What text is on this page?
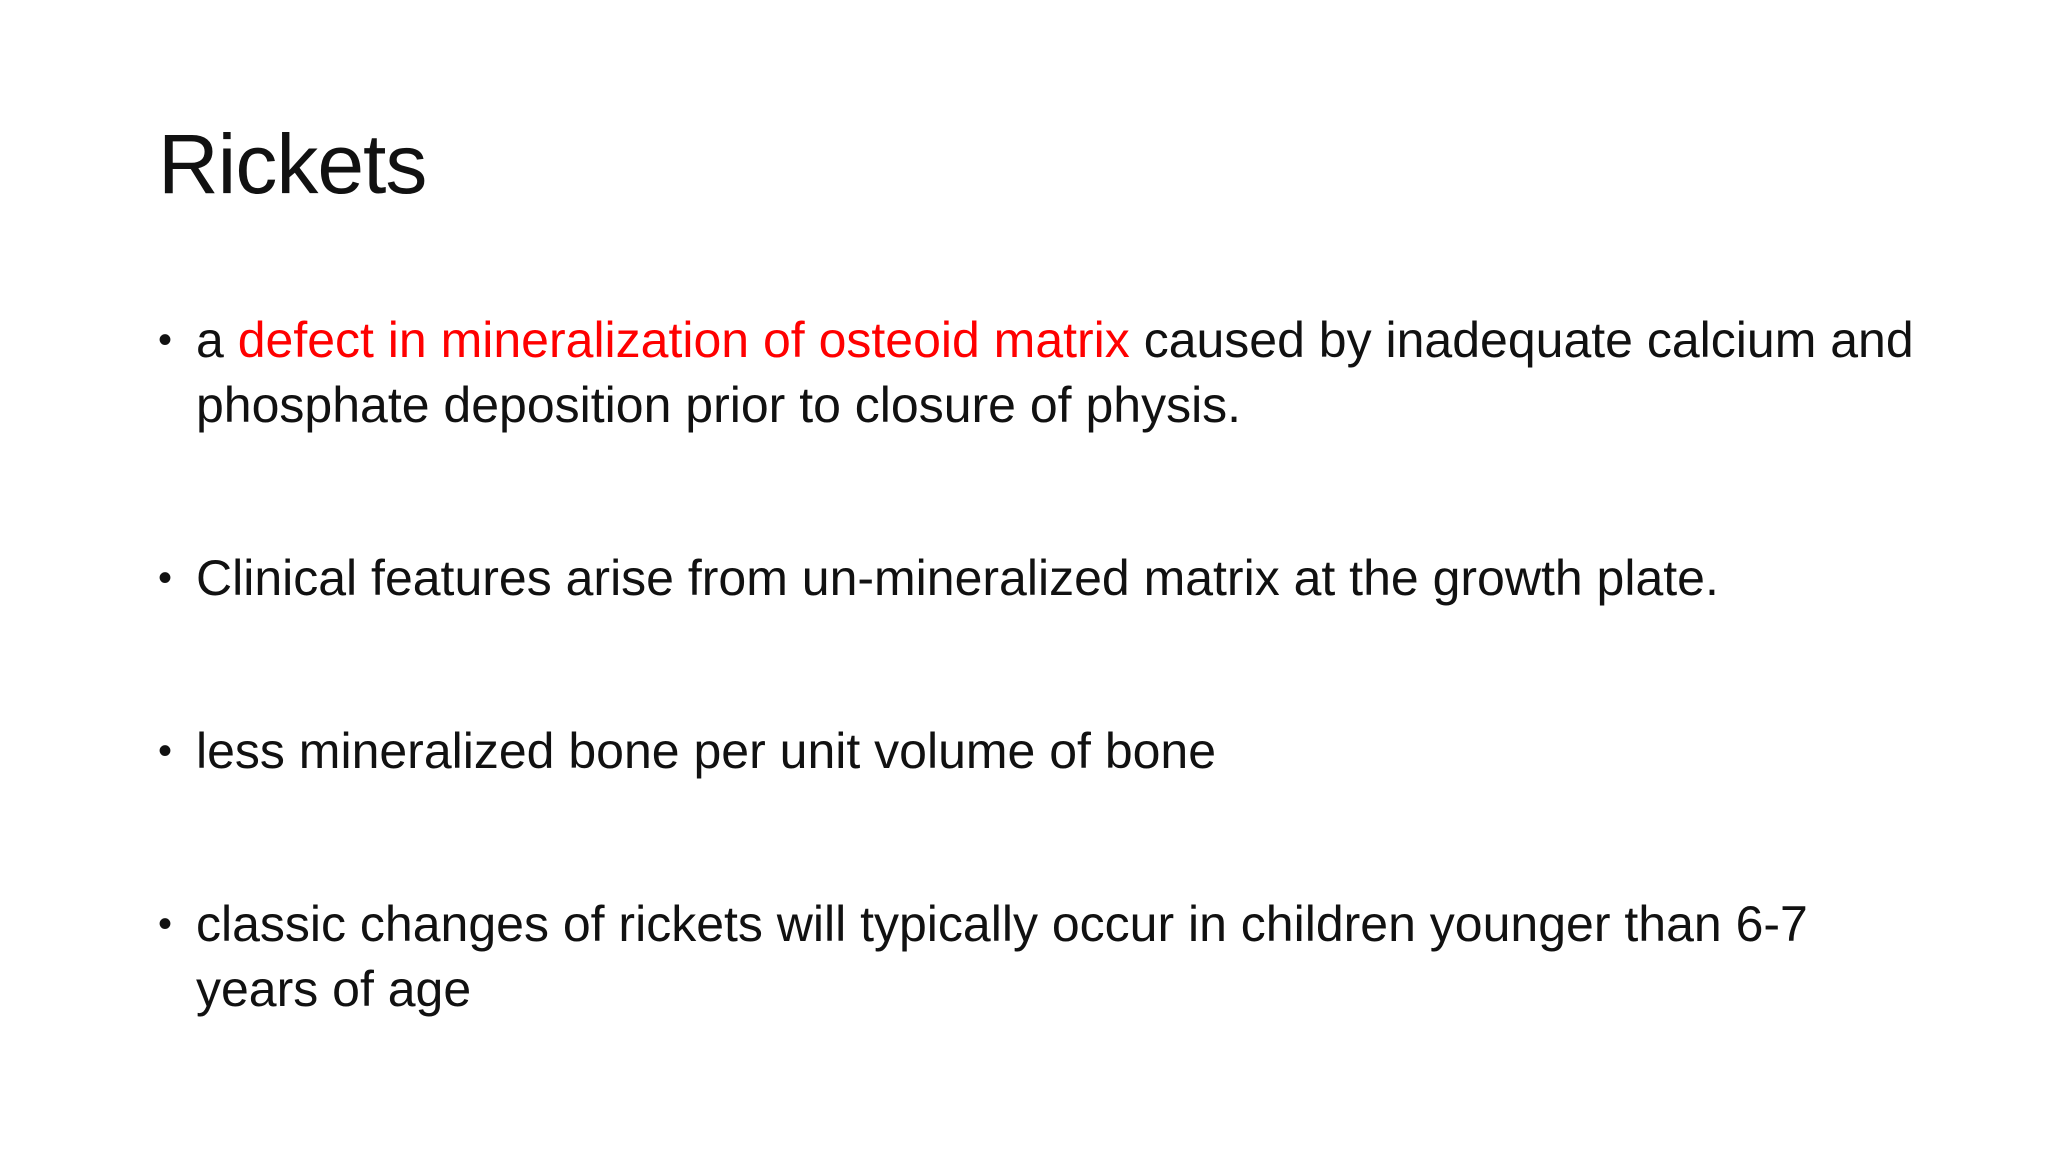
Rickets
• a defect in mineralization of osteoid matrix caused by inadequate calcium and phosphate deposition prior to closure of physis.
• Clinical features arise from un-mineralized matrix at the growth plate.
• less mineralized bone per unit volume of bone
• classic changes of rickets will typically occur in children younger than 6-7 years of age
